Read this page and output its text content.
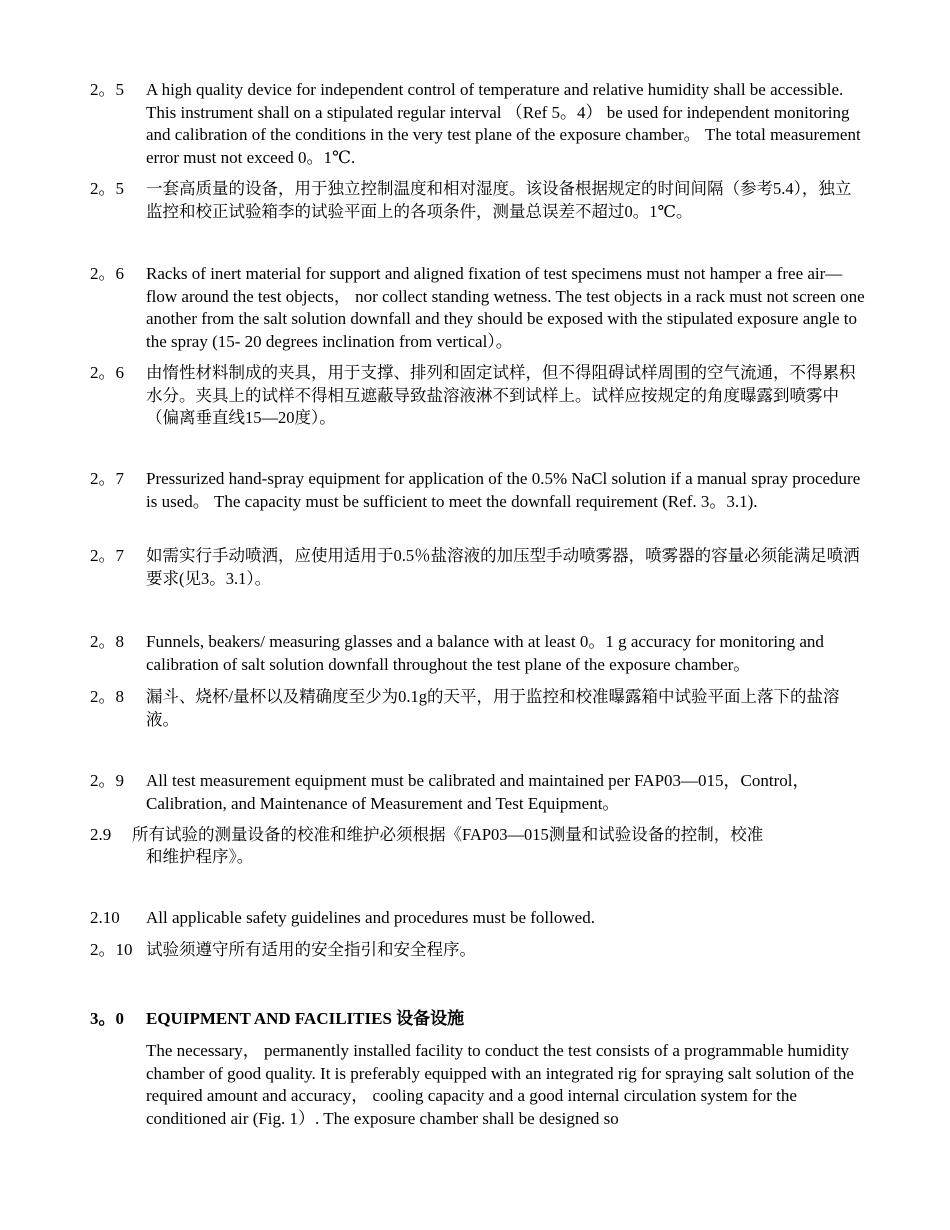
2。5	A high quality device for independent control of temperature and relative humidity shall be accessible. This instrument shall on a stipulated regular interval （Ref 5。4） be used for independent monitoring and calibration of the conditions in the very test plane of the exposure chamber。 The total measurement error must not exceed 0。1℃.
2。5	一套高质量的设备，用于独立控制温度和相对湿度。该设备根据规定的时间间隔（参考5.4），独立监控和校正试验箱李的试验平面上的各项条件，测量总误差不超过0。1℃。
2。6	Racks of inert material for support and aligned fixation of test specimens must not hamper a free air—flow around the test objects， nor collect standing wetness. The test objects in a rack must not screen one another from the salt solution downfall and they should be exposed with the stipulated exposure angle to the spray (15- 20 degrees inclination from vertical）。
2。6	由惰性材料制成的夹具，用于支撑、排列和固定试样，但不得阻碍试样周围的空气流通，不得累积水分。夹具上的试样不得相互遮蔽导致盐溶液淋不到试样上。试样应按规定的角度曝露到喷雾中（偏离垂直线15—20度）。
2。7	Pressurized hand-spray equipment for application of the 0.5% NaCl solution if a manual spray procedure is used。 The capacity must be sufficient to meet the downfall requirement (Ref. 3。3.1).
2。7	如需实行手动喷洒，应使用适用于0.5％盐溶液的加压型手动喷雾器，喷雾器的容量必须能满足喷洒要求(见3。3.1）。
2。8	Funnels, beakers/ measuring glasses and a balance with at least 0。1 g accuracy for monitoring and calibration of salt solution downfall throughout the test plane of the exposure chamber。
2。8	漏斗、烧杯/量杯以及精确度至少为0.1g的天平，用于监控和校准曝露箱中试验平面上落下的盐溶液。
2。9	All test measurement equipment must be calibrated and maintained per FAP03—015，Control， Calibration, and Maintenance of Measurement and Test Equipment。
2.9	所有试验的测量设备的校准和维护必须根据《FAP03—015测量和试验设备的控制，校准
和维护程序》。
2.10	All applicable safety guidelines and procedures must be followed.
2。10 试验须遵守所有适用的安全指引和安全程序。
3。0	EQUIPMENT AND FACILITIES 设备设施
The necessary， permanently installed facility to conduct the test consists of a programmable humidity chamber of good quality. It is preferably equipped with an integrated rig for spraying salt solution of the required amount and accuracy， cooling capacity and a good internal circulation system for the conditioned air (Fig. 1）. The exposure chamber shall be designed so
